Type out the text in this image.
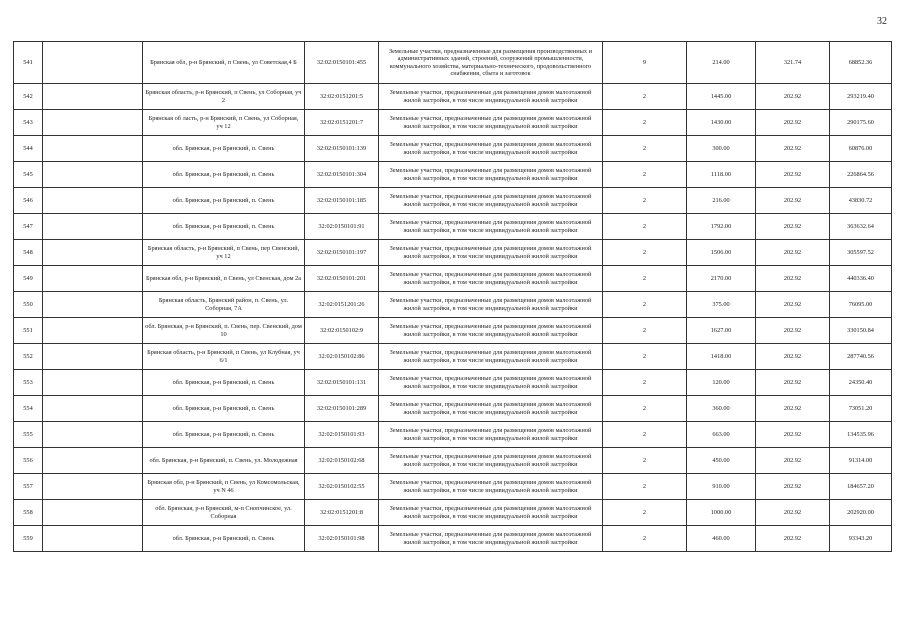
32
541		Брянская обл, р-н Брянский, п Свень, ул Советская,4 Б	32:02:0150101:455	Земельные участки, предназначенные для размещения производственных и административных зданий, строений, сооружений промышленности, коммунального хозяйства, материально-технического, продовольственного снабжения, сбыта и заготовок	9	214.00	321.74	68852.36
542		Брянская область, р-н Брянский, п Свень, ул Соборная, уч 2	32:02:0151201:5	Земельные участки, предназначенные для размещения домов малоэтажной жилой застройки, в том числе индивидуальной жилой застройки	2	1445.00	202.92	293219.40
543		Брянская об ласть, р-н Брянский, п Свень, ул Соборная, уч 12	32:02:0151201:7	Земельные участки, предназначенные для размещения домов малоэтажной жилой застройки, в том числе индивидуальной жилой застройки	2	1430.00	202.92	290175.60
544		обл. Брянская, р-н Брянский, п. Свень	32:02:0150101:139	Земельные участки, предназначенные для размещения домов малоэтажной жилой застройки, в том числе индивидуальной жилой застройки	2	300.00	202.92	60876.00
545		обл. Брянская, р-н Брянский, п. Свень	32:02:0150101:304	Земельные участки, предназначенные для размещения домов малоэтажной жилой застройки, в том числе индивидуальной жилой застройки	2	1118.00	202.92	226864.56
546		обл. Брянская, р-н Брянский, п. Свень	32:02:0150101:185	Земельные участки, предназначенные для размещения домов малоэтажной жилой застройки, в том числе индивидуальной жилой застройки	2	216.00	202.92	43830.72
547		обл. Брянская, р-н Брянский, п. Свень	32:02:0150101:91	Земельные участки, предназначенные для размещения домов малоэтажной жилой застройки, в том числе индивидуальной жилой застройки	2	1792.00	202.92	363632.64
548		Брянская область, р-н Брянский, п Свень, пер Свенский, уч 12	32:02:0150101:197	Земельные участки, предназначенные для размещения домов малоэтажной жилой застройки, в том числе индивидуальной жилой застройки	2	1506.00	202.92	305597.52
549		Брянская обл, р-н Брянский, п Свень, ул Свенская, дом 2а	32:02:0150101:201	Земельные участки, предназначенные для размещения домов малоэтажной жилой застройки, в том числе индивидуальной жилой застройки	2	2170.00	202.92	440336.40
550		Брянская область, Брянский район, п. Свень, ул. Соборная, 7А	32:02:0151201:26	Земельные участки, предназначенные для размещения домов малоэтажной жилой застройки, в том числе индивидуальной жилой застройки	2	375.00	202.92	76095.00
551		обл. Брянская, р-н Брянский, п. Свень, пер. Свенский, дом 10	32:02:0150102:9	Земельные участки, предназначенные для размещения домов малоэтажной жилой застройки, в том числе индивидуальной жилой застройки	2	1627.00	202.92	330150.84
552		Брянская область, р-н Брянский, п Свень, ул Клубная, уч 6/1	32:02:0150102:86	Земельные участки, предназначенные для размещения домов малоэтажной жилой застройки, в том числе индивидуальной жилой застройки	2	1418.00	202.92	287740.56
553		обл. Брянская, р-н Брянский, п. Свень	32:02:0150101:131	Земельные участки, предназначенные для размещения домов малоэтажной жилой застройки, в том числе индивидуальной жилой застройки	2	120.00	202.92	24350.40
554		обл. Брянская, р-н Брянский, п. Свень	32:02:0150101:289	Земельные участки, предназначенные для размещения домов малоэтажной жилой застройки, в том числе индивидуальной жилой застройки	2	360.00	202.92	73051.20
555		обл. Брянская, р-н Брянский, п. Свень	32:02:0150101:93	Земельные участки, предназначенные для размещения домов малоэтажной жилой застройки, в том числе индивидуальной жилой застройки	2	663.00	202.92	134535.96
556		обл. Брянская, р-н Брянский, п. Свень, ул. Молодежная	32:02:0150102:68	Земельные участки, предназначенные для размещения домов малоэтажной жилой застройки, в том числе индивидуальной жилой застройки	2	450.00	202.92	91314.00
557		Брянская обл, р-н Брянский, п Свень, ул Комсомольская, уч N 46	32:02:0150102:55	Земельные участки, предназначенные для размещения домов малоэтажной жилой застройки, в том числе индивидуальной жилой застройки	2	910.00	202.92	184657.20
558		обл. Брянская, р-н Брянский, м-п Снопчинское, ул. Соборная	32:02:0151201:8	Земельные участки, предназначенные для размещения домов малоэтажной жилой застройки, в том числе индивидуальной жилой застройки	2	1000.00	202.92	202920.00
559		обл. Брянская, р-н Брянский, п. Свень	32:02:0150101:98	Земельные участки, предназначенные для размещения домов малоэтажной жилой застройки, в том числе индивидуальной жилой застройки	2	460.00	202.92	93343.20
